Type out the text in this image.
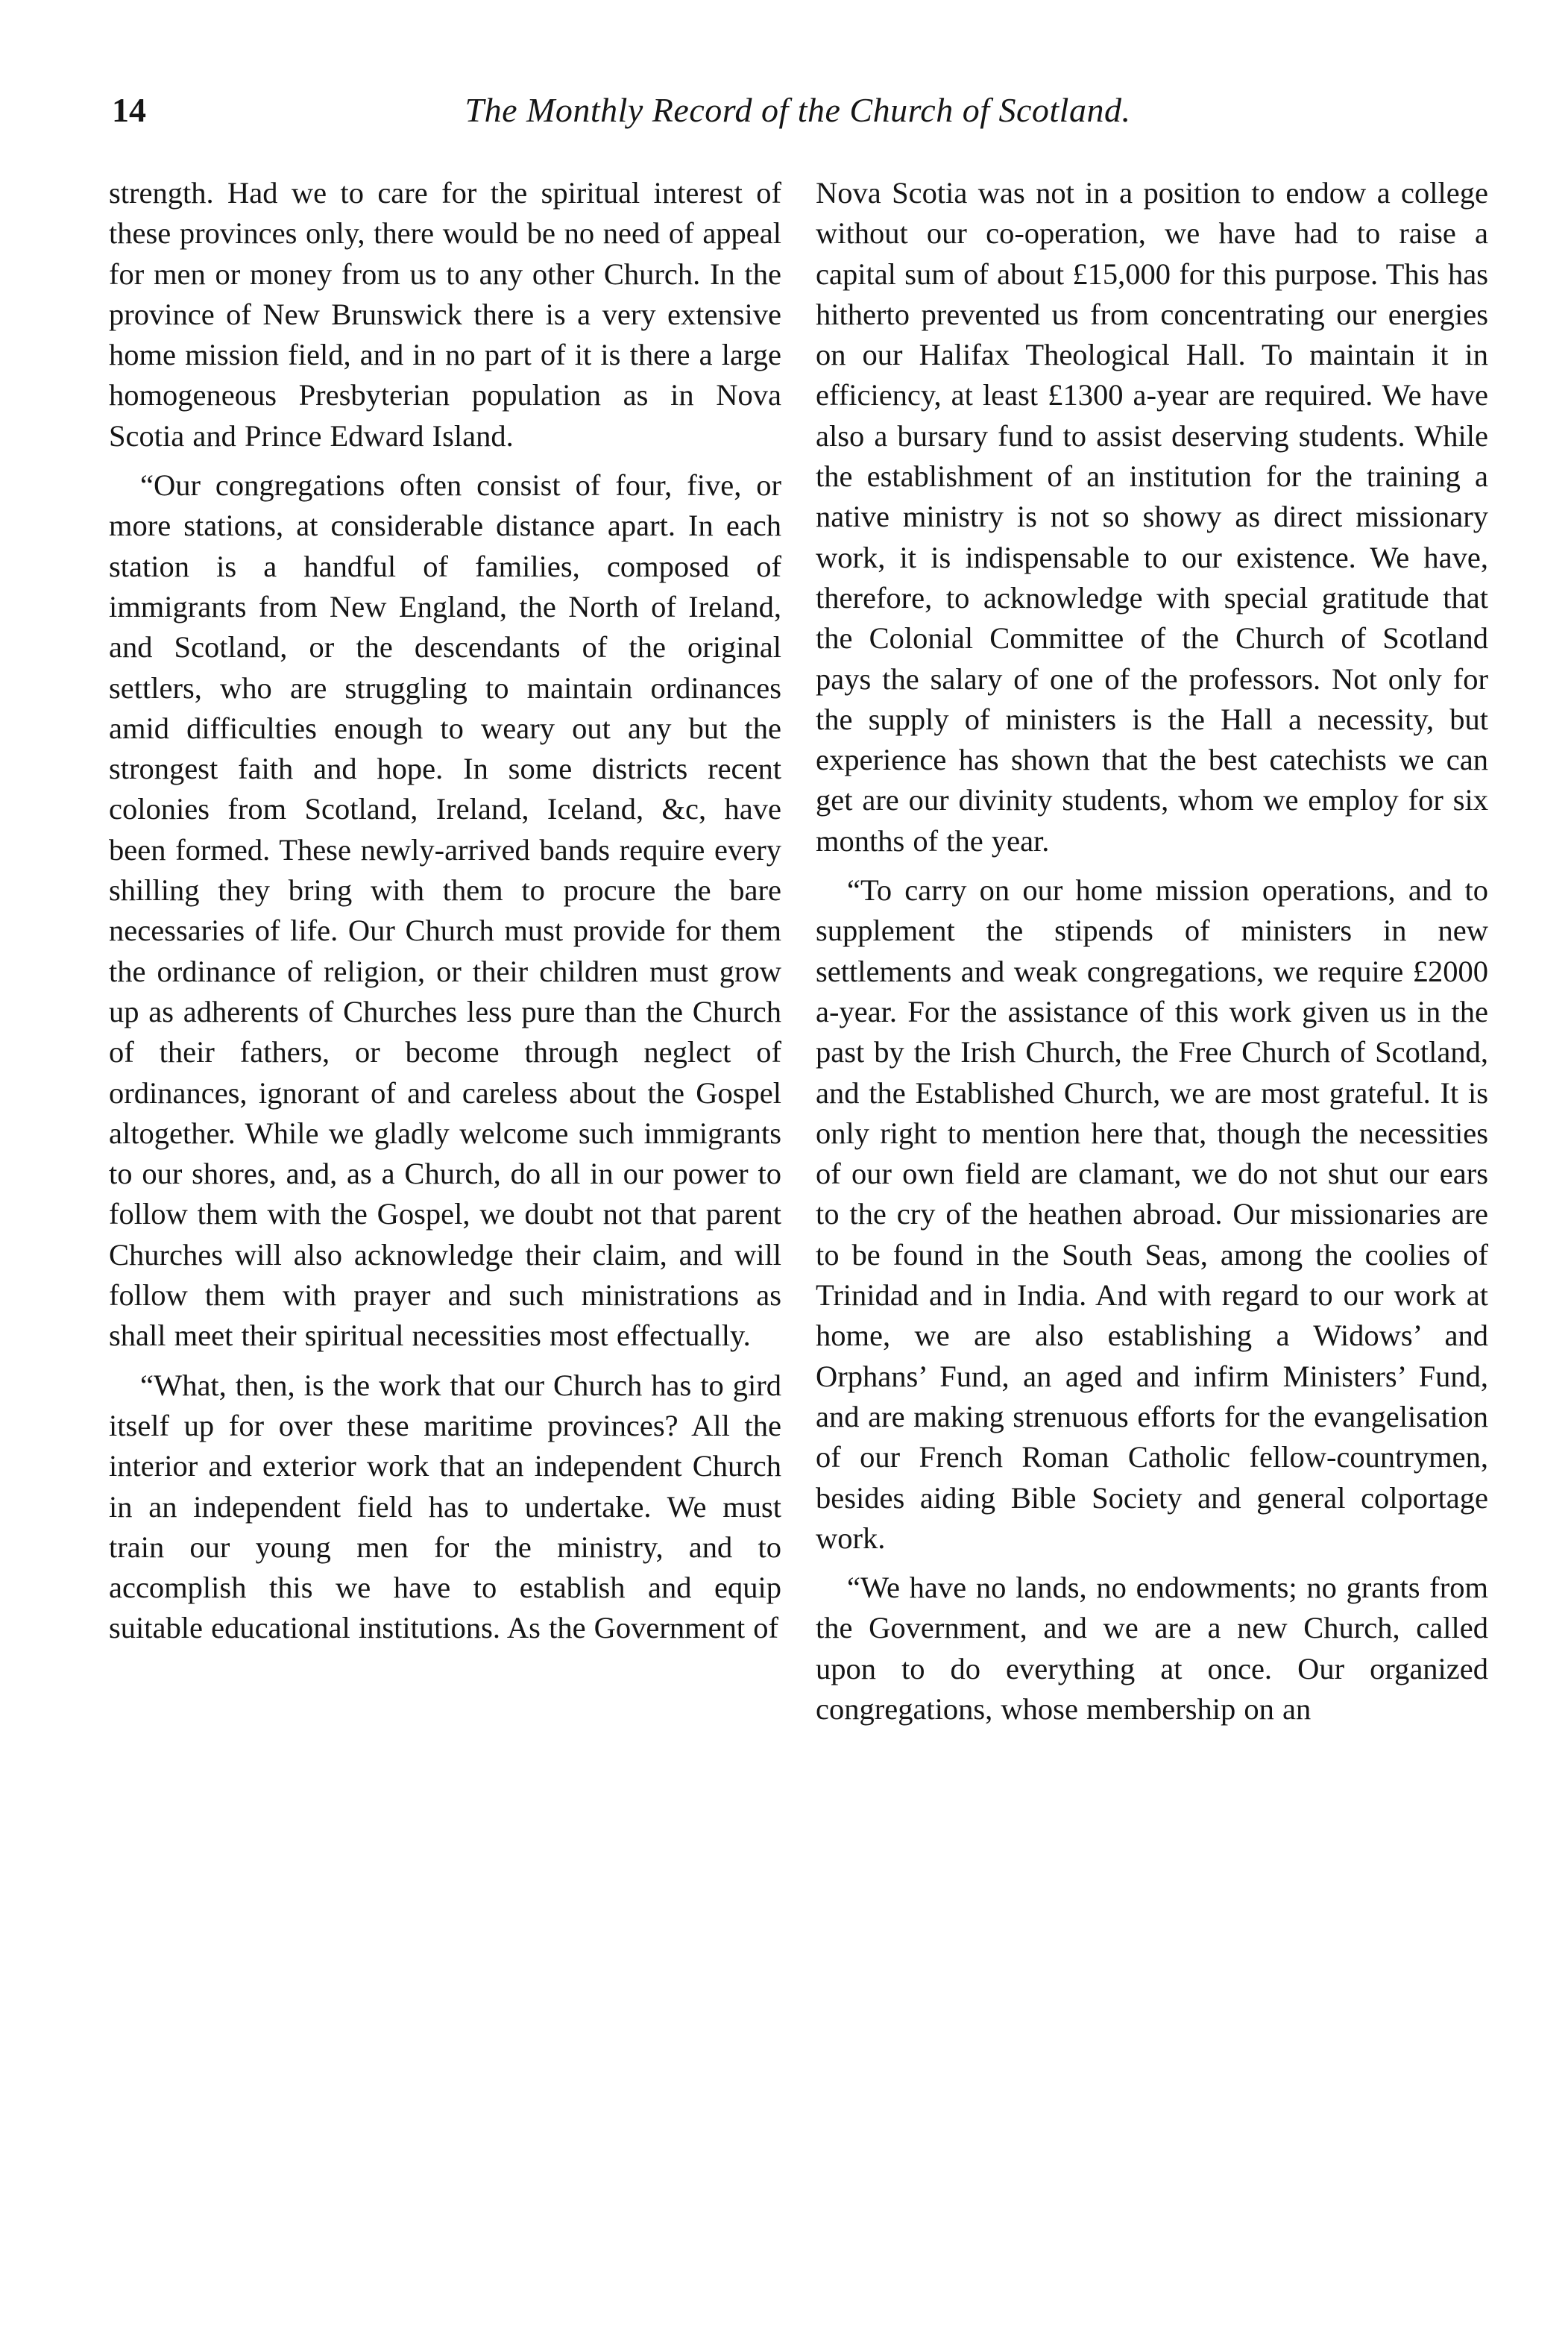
14	The Monthly Record of the Church of Scotland.

strength. Had we to care for the spiritual interest of these provinces only, there would be no need of appeal for men or money from us to any other Church. In the province of New Brunswick there is a very extensive home mission field, and in no part of it is there a large homogeneous Presbyterian population as in Nova Scotia and Prince Edward Island.

“Our congregations often consist of four, five, or more stations, at considerable distance apart. In each station is a handful of families, composed of immigrants from New England, the North of Ireland, and Scotland, or the descendants of the original settlers, who are struggling to maintain ordinances amid difficulties enough to weary out any but the strongest faith and hope. In some districts recent colonies from Scotland, Ireland, Iceland, &c, have been formed. These newly-arrived bands require every shilling they bring with them to procure the bare necessaries of life. Our Church must provide for them the ordinance of religion, or their children must grow up as adherents of Churches less pure than the Church of their fathers, or become through neglect of ordinances, ignorant of and careless about the Gospel altogether. While we gladly welcome such immigrants to our shores, and, as a Church, do all in our power to follow them with the Gospel, we doubt not that parent Churches will also acknowledge their claim, and will follow them with prayer and such ministrations as shall meet their spiritual necessities most effectually.

“What, then, is the work that our Church has to gird itself up for over these maritime provinces? All the interior and exterior work that an independent Church in an independent field has to undertake. We must train our young men for the ministry, and to accomplish this we have to establish and equip suitable educational institutions. As the Government of

Nova Scotia was not in a position to endow a college without our co-operation, we have had to raise a capital sum of about £15,000 for this purpose. This has hitherto prevented us from concentrating our energies on our Halifax Theological Hall. To maintain it in efficiency, at least £1300 a-year are required. We have also a bursary fund to assist deserving students. While the establishment of an institution for the training a native ministry is not so showy as direct missionary work, it is indispensable to our existence. We have, therefore, to acknowledge with special gratitude that the Colonial Committee of the Church of Scotland pays the salary of one of the professors. Not only for the supply of ministers is the Hall a necessity, but experience has shown that the best catechists we can get are our divinity students, whom we employ for six months of the year.

“To carry on our home mission operations, and to supplement the stipends of ministers in new settlements and weak congregations, we require £2000 a-year. For the assistance of this work given us in the past by the Irish Church, the Free Church of Scotland, and the Established Church, we are most grateful. It is only right to mention here that, though the necessities of our own field are clamant, we do not shut our ears to the cry of the heathen abroad. Our missionaries are to be found in the South Seas, among the coolies of Trinidad and in India. And with regard to our work at home, we are also establishing a Widows’ and Orphans’ Fund, an aged and infirm Ministers’ Fund, and are making strenuous efforts for the evangelisation of our French Roman Catholic fellow-countrymen, besides aiding Bible Society and general colportage work.

“We have no lands, no endowments; no grants from the Government, and we are a new Church, called upon to do everything at once. Our organized congregations, whose membership on an
